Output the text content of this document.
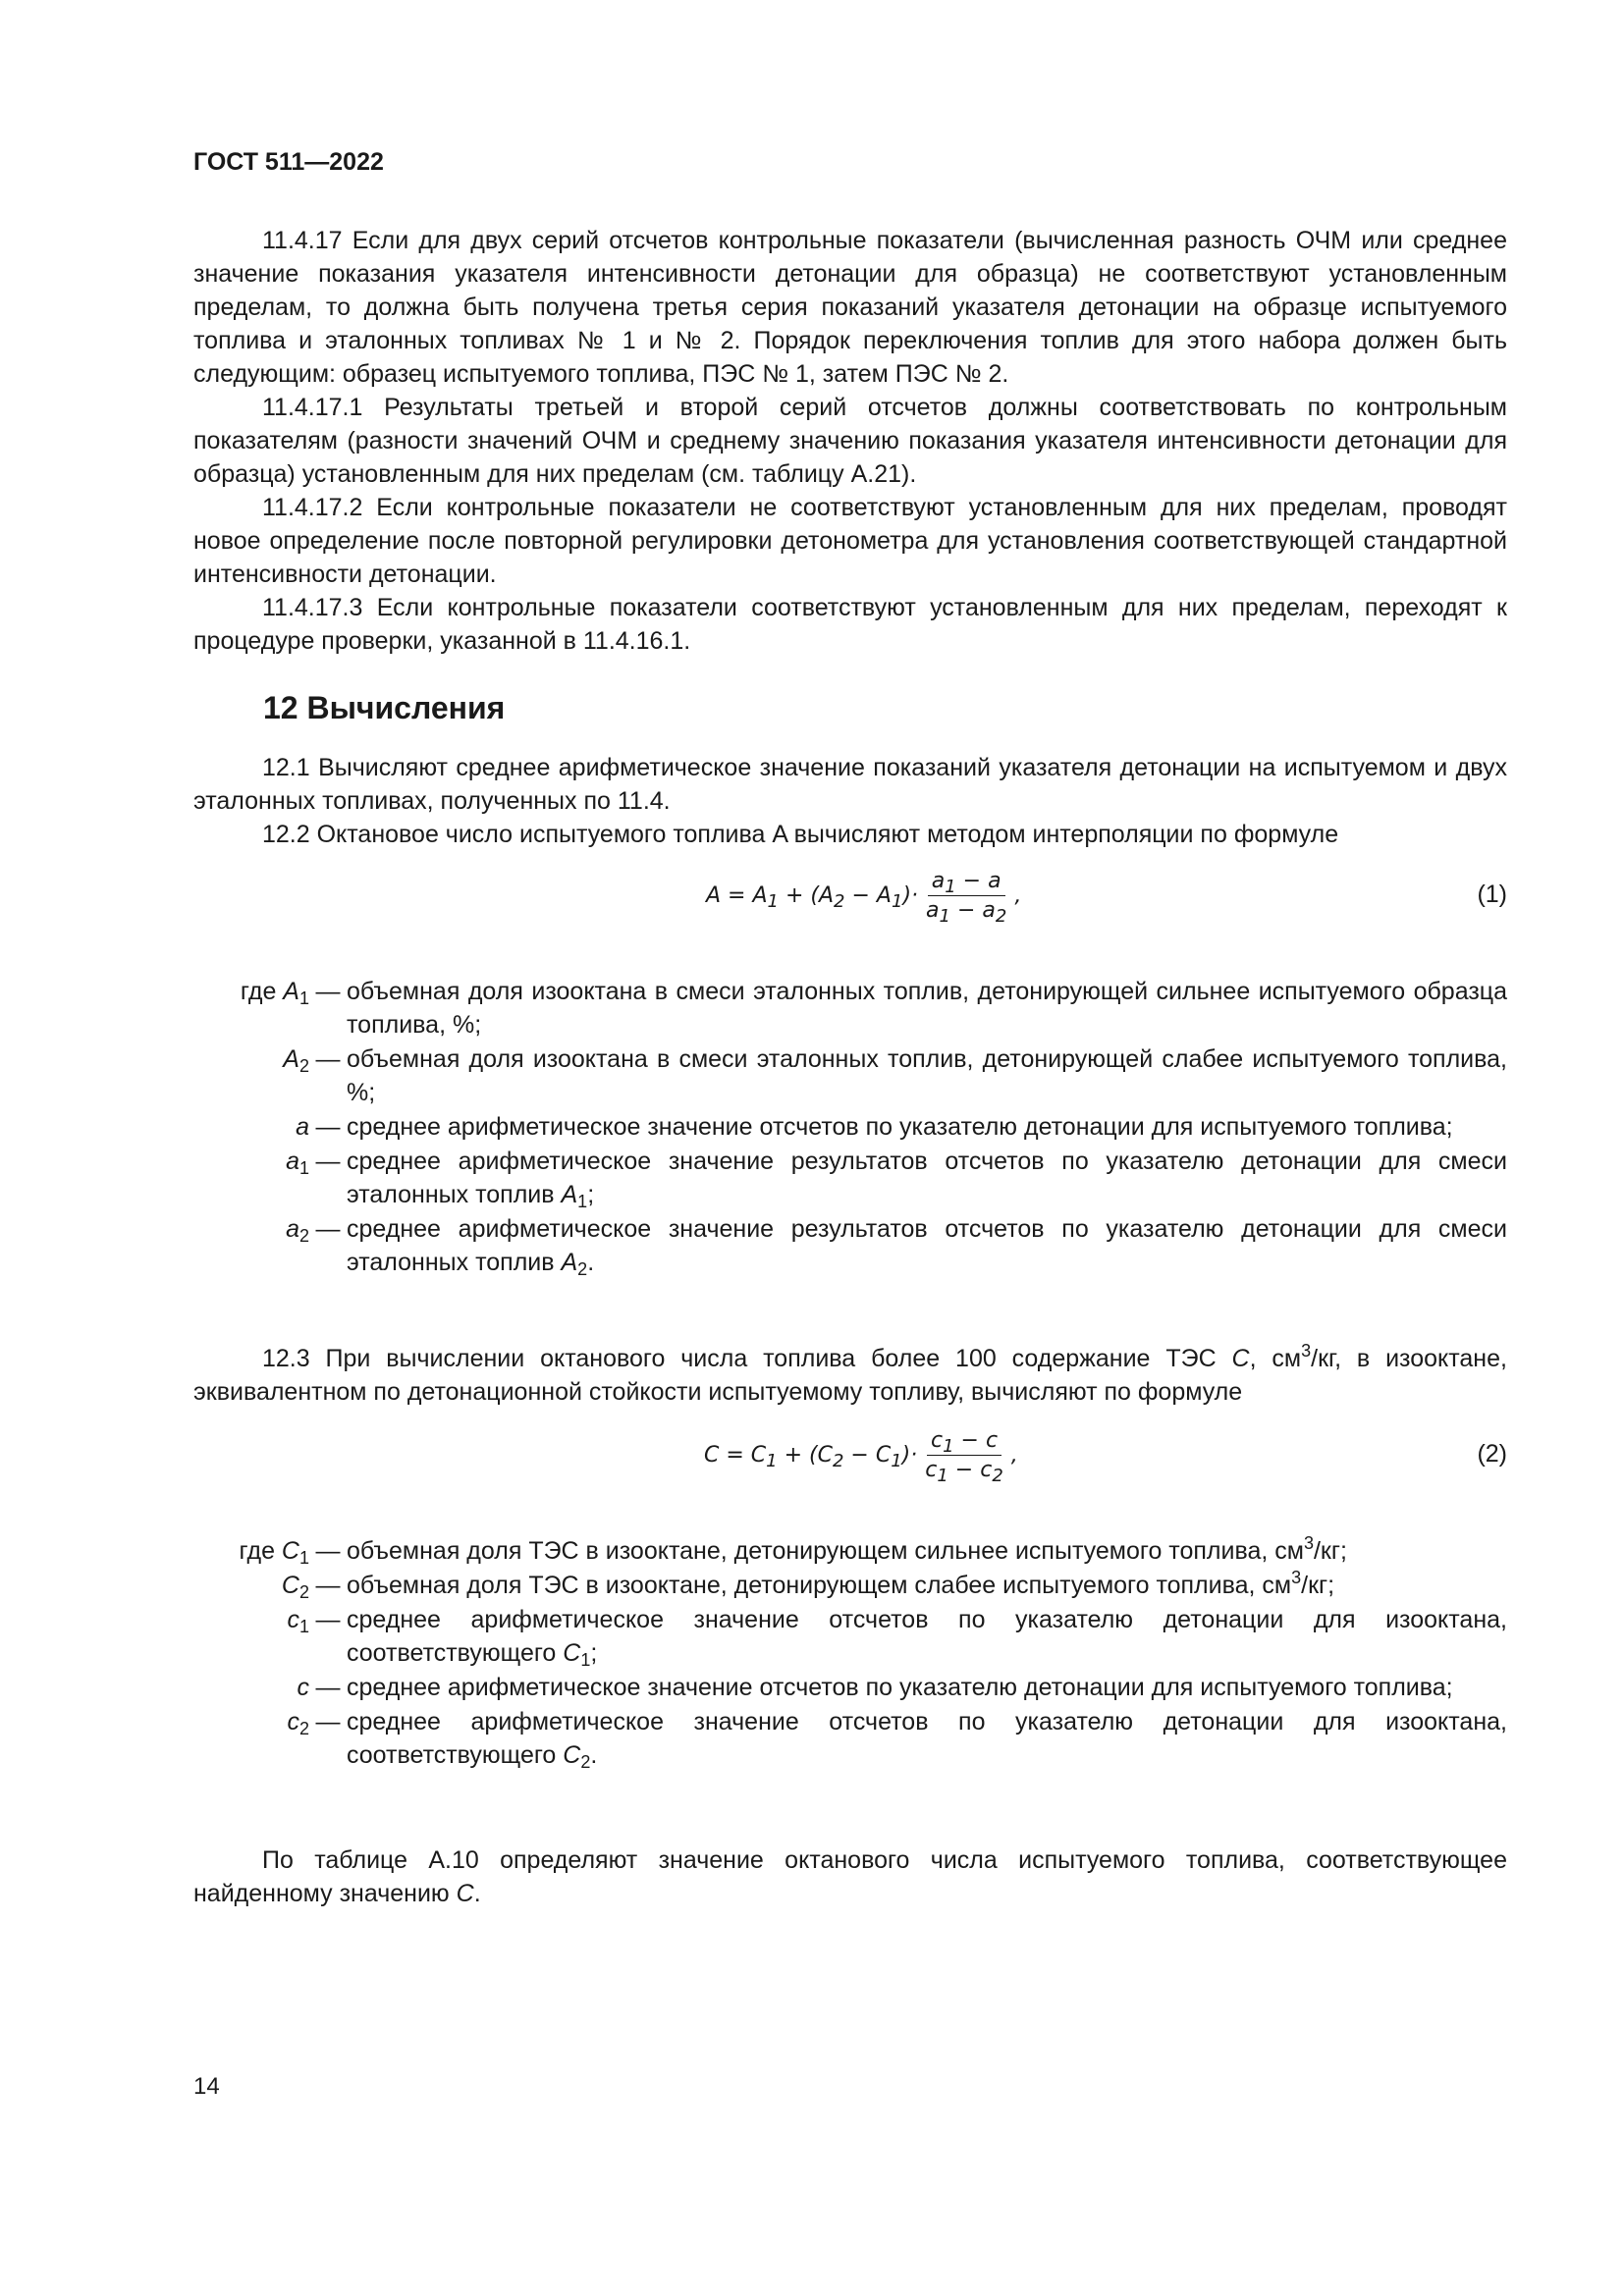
ГОСТ 511—2022

11.4.17 Если для двух серий отсчетов контрольные показатели (вычисленная разность ОЧМ или среднее значение показания указателя интенсивности детонации для образца) не соответствуют установленным пределам, то должна быть получена третья серия показаний указателя детонации на образце испытуемого топлива и эталонных топливах № 1 и № 2. Порядок переключения топлив для этого набора должен быть следующим: образец испытуемого топлива, ПЭС № 1, затем ПЭС № 2.

11.4.17.1 Результаты третьей и второй серий отсчетов должны соответствовать по контрольным показателям (разности значений ОЧМ и среднему значению показания указателя интенсивности детонации для образца) установленным для них пределам (см. таблицу А.21).

11.4.17.2 Если контрольные показатели не соответствуют установленным для них пределам, проводят новое определение после повторной регулировки детонометра для установления соответствующей стандартной интенсивности детонации.

11.4.17.3 Если контрольные показатели соответствуют установленным для них пределам, переходят к процедуре проверки, указанной в 11.4.16.1.

12 Вычисления

12.1 Вычисляют среднее арифметическое значение показаний указателя детонации на испытуемом и двух эталонных топливах, полученных по 11.4.

12.2 Октановое число испытуемого топлива A вычисляют методом интерполяции по формуле

$A = A_1 + (A_2 - A_1)\cdot \frac{a_1 - a}{a_1 - a_2}$ ,	(1)
где $A_1$ — объемная доля изооктана в смеси эталонных топлив, детонирующей сильнее испытуемого образца топлива, %;
$A_2$ — объемная доля изооктана в смеси эталонных топлив, детонирующей слабее испытуемого топлива, %;
a — среднее арифметическое значение отсчетов по указателю детонации для испытуемого топлива;
$a_1$ — среднее арифметическое значение результатов отсчетов по указателю детонации для смеси эталонных топлив $A_1$;
$a_2$ — среднее арифметическое значение результатов отсчетов по указателю детонации для смеси эталонных топлив $A_2$.

12.3 При вычислении октанового числа топлива более 100 содержание ТЭС C, $см^3/кг$, в изооктане, эквивалентном по детонационной стойкости испытуемому топливу, вычисляют по формуле

$C = C_1 + (C_2 - C_1)\cdot \frac{c_1 - c}{c_1 - c_2}$ ,	(2)
где $C_1$ — объемная доля ТЭС в изооктане, детонирующем сильнее испытуемого топлива, $см^3/кг$;
$C_2$ — объемная доля ТЭС в изооктане, детонирующем слабее испытуемого топлива, $см^3/кг$;
$c_1$ — среднее арифметическое значение отсчетов по указателю детонации для изооктана, соответствующего $C_1$;
c — среднее арифметическое значение отсчетов по указателю детонации для испытуемого топлива;
$c_2$ — среднее арифметическое значение отсчетов по указателю детонации для изооктана, соответствующего $C_2$.

По таблице А.10 определяют значение октанового числа испытуемого топлива, соответствующее найденному значению C.

14
